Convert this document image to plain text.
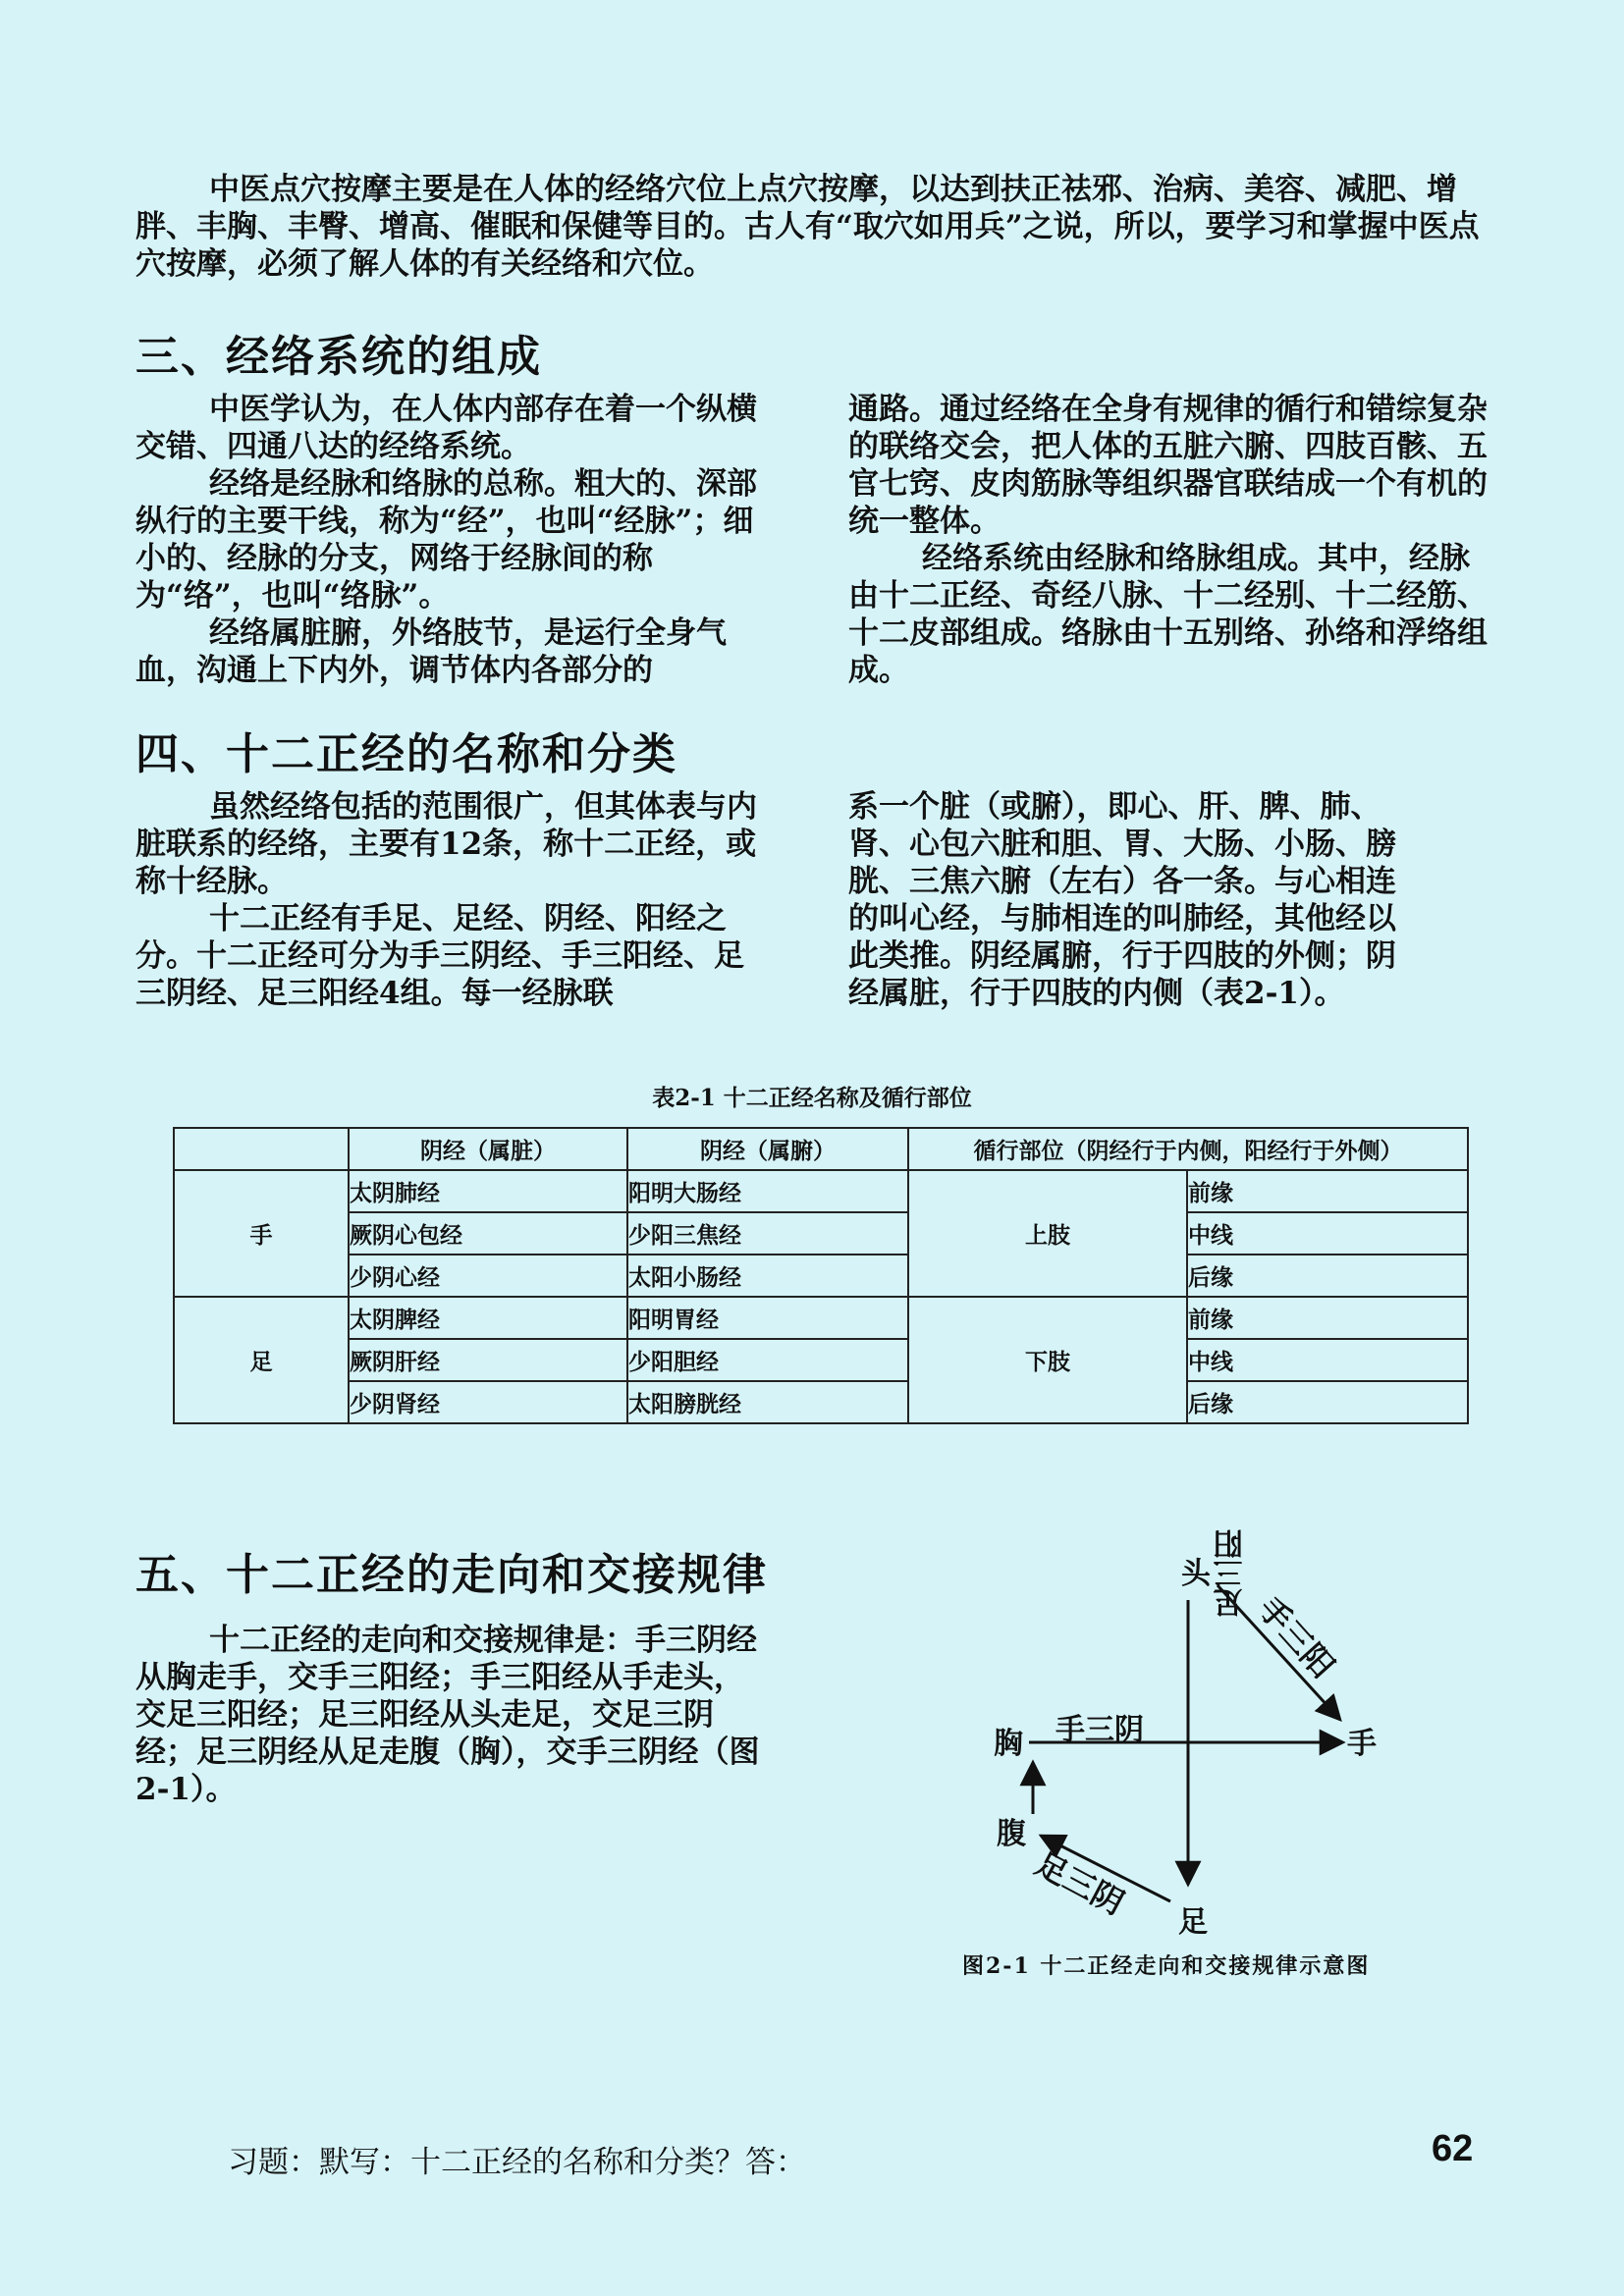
中医点穴按摩主要是在人体的经络穴位上点穴按摩，以达到扶正祛邪、治病、美容、减肥、增胖、丰胸、丰臀、增高、催眠和保健等目的。古人有“取穴如用兵”之说，所以，要学习和掌握中医点穴按摩，必须了解人体的有关经络和穴位。

三、经络系统的组成

中医学认为，在人体内部存在着一个纵横交错、四通八达的经络系统。

经络是经脉和络脉的总称。粗大的、深部纵行的主要干线，称为“经”，也叫“经脉”；细小的、经脉的分支，网络于经脉间的称为“络”，也叫“络脉”。

经络属脏腑，外络肢节，是运行全身气血，沟通上下内外，调节体内各部分的

通路。通过经络在全身有规律的循行和错综复杂的联络交会，把人体的五脏六腑、四肢百骸、五官七窍、皮肉筋脉等组织器官联结成一个有机的统一整体。

经络系统由经脉和络脉组成。其中，经脉由十二正经、奇经八脉、十二经别、十二经筋、十二皮部组成。络脉由十五别络、孙络和浮络组成。

四、十二正经的名称和分类

虽然经络包括的范围很广，但其体表与内脏联系的经络，主要有12条，称十二正经，或称十经脉。

十二正经有手足、足经、阴经、阳经之分。十二正经可分为手三阴经、手三阳经、足三阴经、足三阳经4组。每一经脉联

系一个脏（或腑），即心、肝、脾、肺、肾、心包六脏和胆、胃、大肠、小肠、膀胱、三焦六腑（左右）各一条。与心相连的叫心经，与肺相连的叫肺经，其他经以此类推。阴经属腑，行于四肢的外侧；阴经属脏，行于四肢的内侧（表2-1）。

表2-1 十二正经名称及循行部位

	阴经（属脏）	阴经（属腑）	循行部位（阴经行于内侧，阳经行于外侧）	
手	太阴肺经	阳明大肠经	上肢	前缘
	厥阴心包经	少阳三焦经		中线
	少阴心经	太阳小肠经		后缘
足	太阴脾经	阳明胃经	下肢	前缘
	厥阴肝经	少阳胆经		中线
	少阴肾经	太阳膀胱经		后缘
五、十二正经的走向和交接规律

十二正经的走向和交接规律是：手三阴经从胸走手，交手三阳经；手三阳经从手走头，交足三阳经；足三阳经从头走足，交足三阴经；足三阴经从足走腹（胸），交手三阴经（图2-1）。

头
手
胸
腹
足
手三阴
手三阳
足三阳
足三阴

图2-1 十二正经走向和交接规律示意图

习题：默写：十二正经的名称和分类？答：	62
